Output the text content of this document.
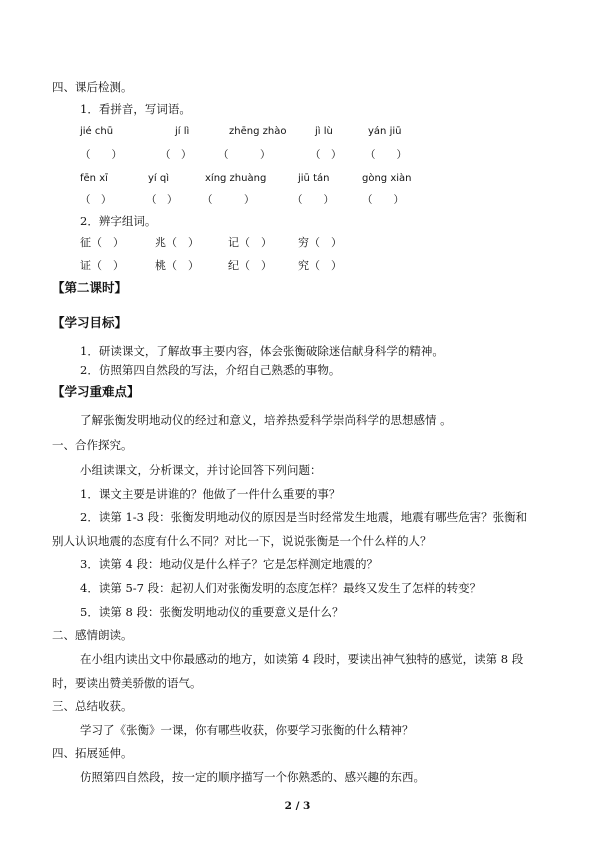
四、课后检测。
1．看拼音，写词语。
jié chū	jí lì	zhēng zhào	jì lù	yán jiū
（　　）	（　）	（　　　）	（　） （　　）
fēn xī	yí qì	xíng zhuàng	jiū tán	gòng xiàn
（　）	（　） （　　　）	（　　）	（　　）
2．辨字组词。
征（　）	兆（　）	记（　） 穷（　）
证（　）	桃（　）	纪（　） 究（　）
【第二课时】
【学习目标】
1．研读课文，了解故事主要内容，体会张衡破除迷信献身科学的精神。
2．仿照第四自然段的写法，介绍自己熟悉的事物。
【学习重难点】
了解张衡发明地动仪的经过和意义，培养热爱科学崇尚科学的思想感情 。
一、合作探究。
小组读课文，分析课文，并讨论回答下列问题：
1．课文主要是讲谁的？他做了一件什么重要的事？
2．读第 1-3 段：张衡发明地动仪的原因是当时经常发生地震，地震有哪些危害？张衡和
别人认识地震的态度有什么不同？对比一下，说说张衡是一个什么样的人？
3．读第 4 段：地动仪是什么样子？它是怎样测定地震的？
4．读第 5-7 段：起初人们对张衡发明的态度怎样？最终又发生了怎样的转变？
5．读第 8 段：张衡发明地动仪的重要意义是什么？
二、感情朗读。
在小组内读出文中你最感动的地方，如读第 4 段时，要读出神气独特的感觉，读第 8 段
时，要读出赞美骄傲的语气。
三、总结收获。
学习了《张衡》一课，你有哪些收获，你要学习张衡的什么精神？
四、拓展延伸。
仿照第四自然段，按一定的顺序描写一个你熟悉的、感兴趣的东西。
2 / 3
